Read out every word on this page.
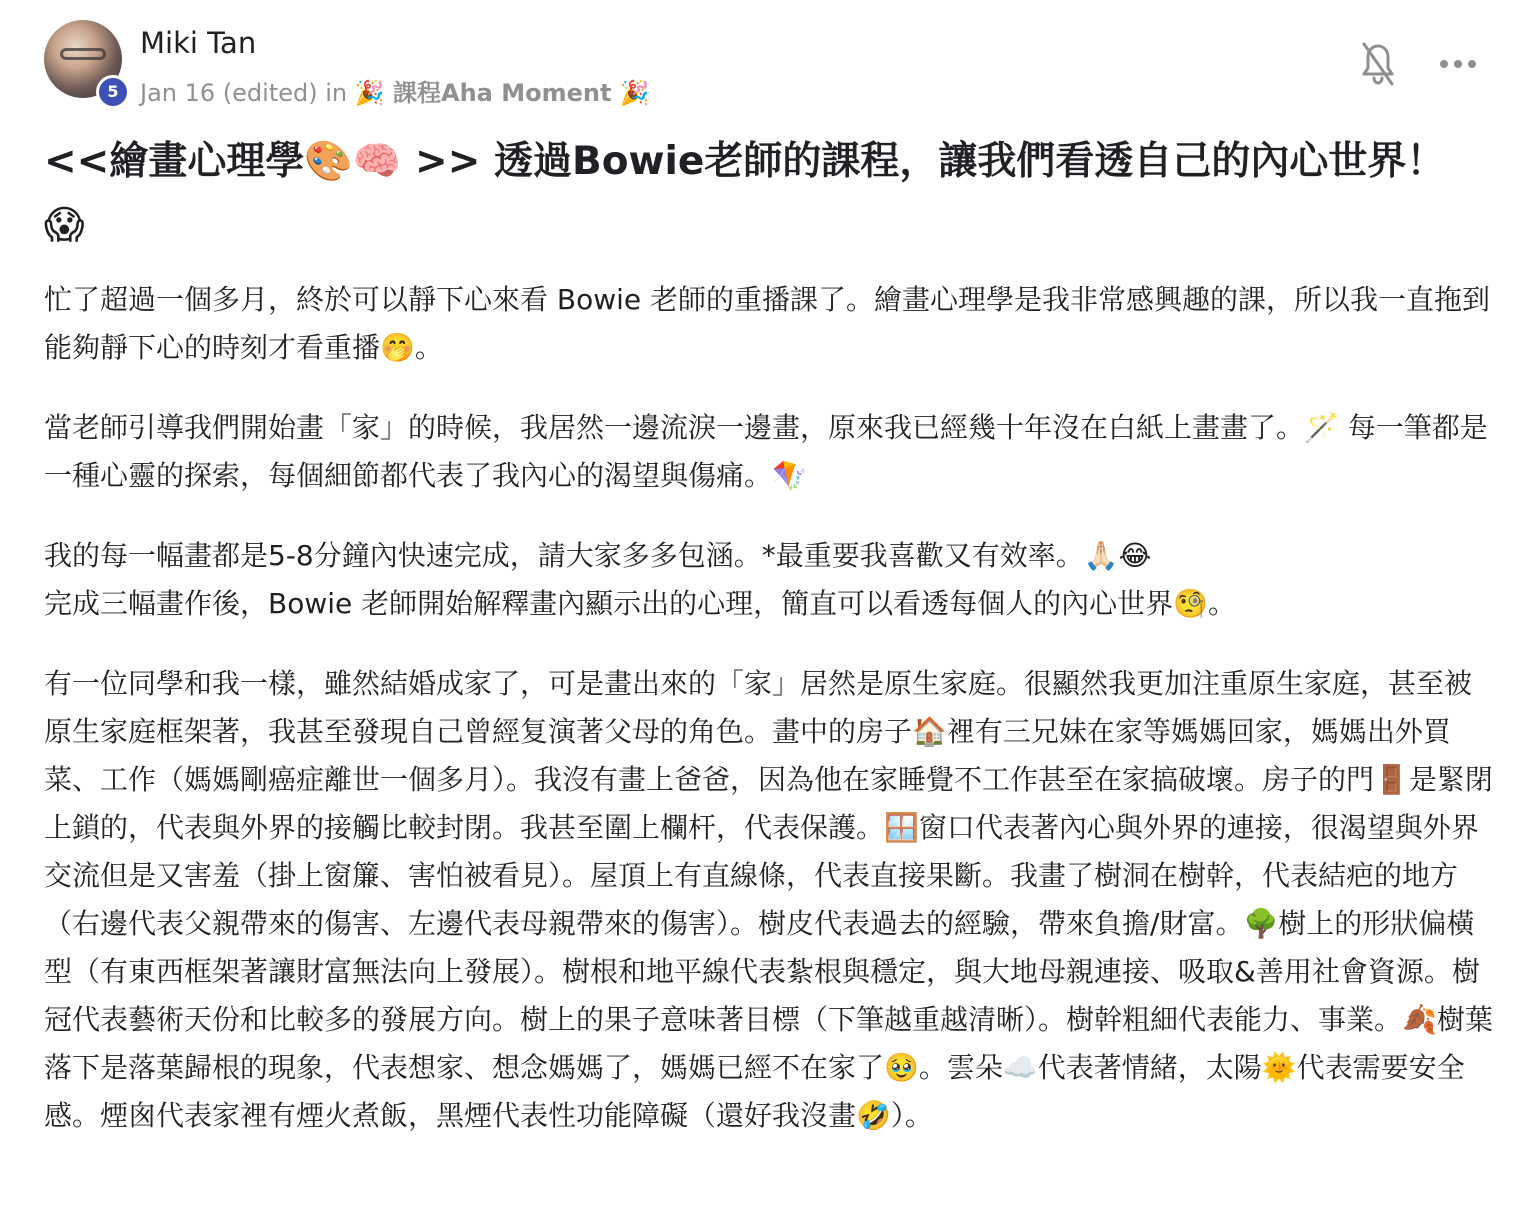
5
Miki Tan
Jan 16 (edited) in 🎉 課程Aha Moment 🎉
<<繪畫心理學🎨🧠 >> 透過Bowie老師的課程，讓我們看透自己的內心世界！ 😱

忙了超過一個多月，終於可以靜下心來看 Bowie 老師的重播課了。繪畫心理學是我非常感興趣的課，所以我一直拖到能夠靜下心的時刻才看重播🤭。

當老師引導我們開始畫「家」的時候，我居然一邊流淚一邊畫，原來我已經幾十年沒在白紙上畫畫了。🪄 每一筆都是一種心靈的探索，每個細節都代表了我內心的渴望與傷痛。🪁

我的每一幅畫都是5-8分鐘內快速完成，請大家多多包涵。*最重要我喜歡又有效率。🙏🏻😂
完成三幅畫作後，Bowie 老師開始解釋畫內顯示出的心理，簡直可以看透每個人的內心世界🧐。

有一位同學和我一樣，雖然結婚成家了，可是畫出來的「家」居然是原生家庭。很顯然我更加注重原生家庭，甚至被原生家庭框架著，我甚至發現自己曾經复演著父母的角色。畫中的房子🏠裡有三兄妹在家等媽媽回家，媽媽出外買菜、工作（媽媽剛癌症離世一個多月）。我沒有畫上爸爸，因為他在家睡覺不工作甚至在家搞破壞。房子的門🚪是緊閉上鎖的，代表與外界的接觸比較封閉。我甚至圍上欄杆，代表保護。🪟窗口代表著內心與外界的連接，很渴望與外界交流但是又害羞（掛上窗簾、害怕被看見）。屋頂上有直線條，代表直接果斷。我畫了樹洞在樹幹，代表結疤的地方（右邊代表父親帶來的傷害、左邊代表母親帶來的傷害）。樹皮代表過去的經驗，帶來負擔/財富。🌳樹上的形狀偏橫型（有東西框架著讓財富無法向上發展）。樹根和地平線代表紮根與穩定，與大地母親連接、吸取&善用社會資源。樹冠代表藝術天份和比較多的發展方向。樹上的果子意味著目標（下筆越重越清晰）。樹幹粗細代表能力、事業。🍂樹葉落下是落葉歸根的現象，代表想家、想念媽媽了，媽媽已經不在家了🥹。雲朵☁️代表著情緒，太陽🌞代表需要安全感。煙囪代表家裡有煙火煮飯，黑煙代表性功能障礙（還好我沒畫🤣）。
